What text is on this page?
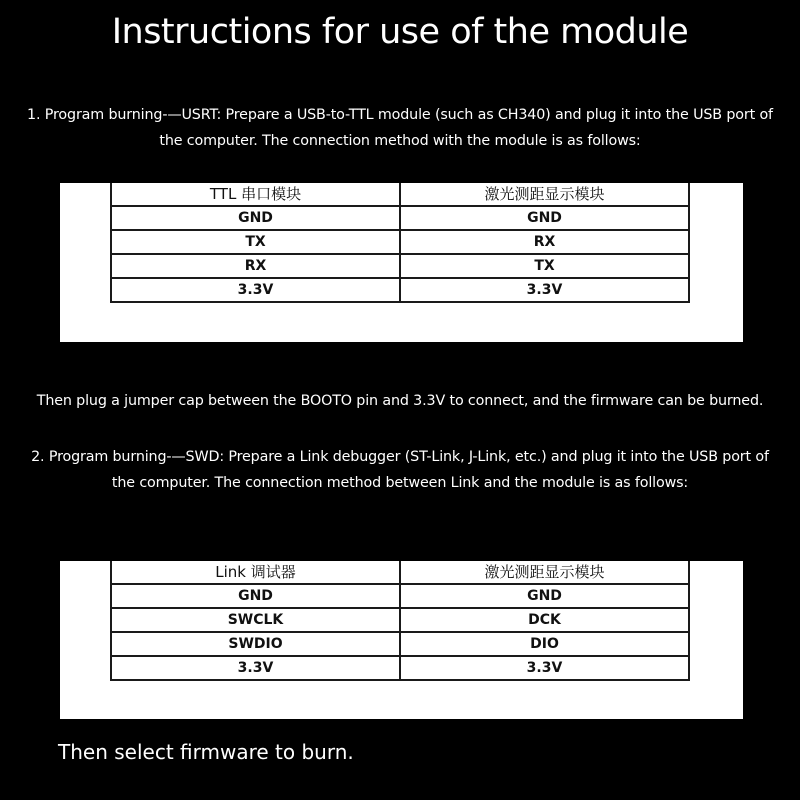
Instructions for use of the module
1. Program burning-—USRT: Prepare a USB-to-TTL module (such as CH340) and plug it into the USB port of the computer. The connection method with the module is as follows:
TTL 串口模块	激光测距显示模块
GND	GND
TX	RX
RX	TX
3.3V	3.3V
Then plug a jumper cap between the BOOTO pin and 3.3V to connect, and the firmware can be burned.
2. Program burning-—SWD: Prepare a Link debugger (ST-Link, J-Link, etc.) and plug it into the USB port of the computer. The connection method between Link and the module is as follows:
Link 调试器	激光测距显示模块
GND	GND
SWCLK	DCK
SWDIO	DIO
3.3V	3.3V
Then select firmware to burn.
